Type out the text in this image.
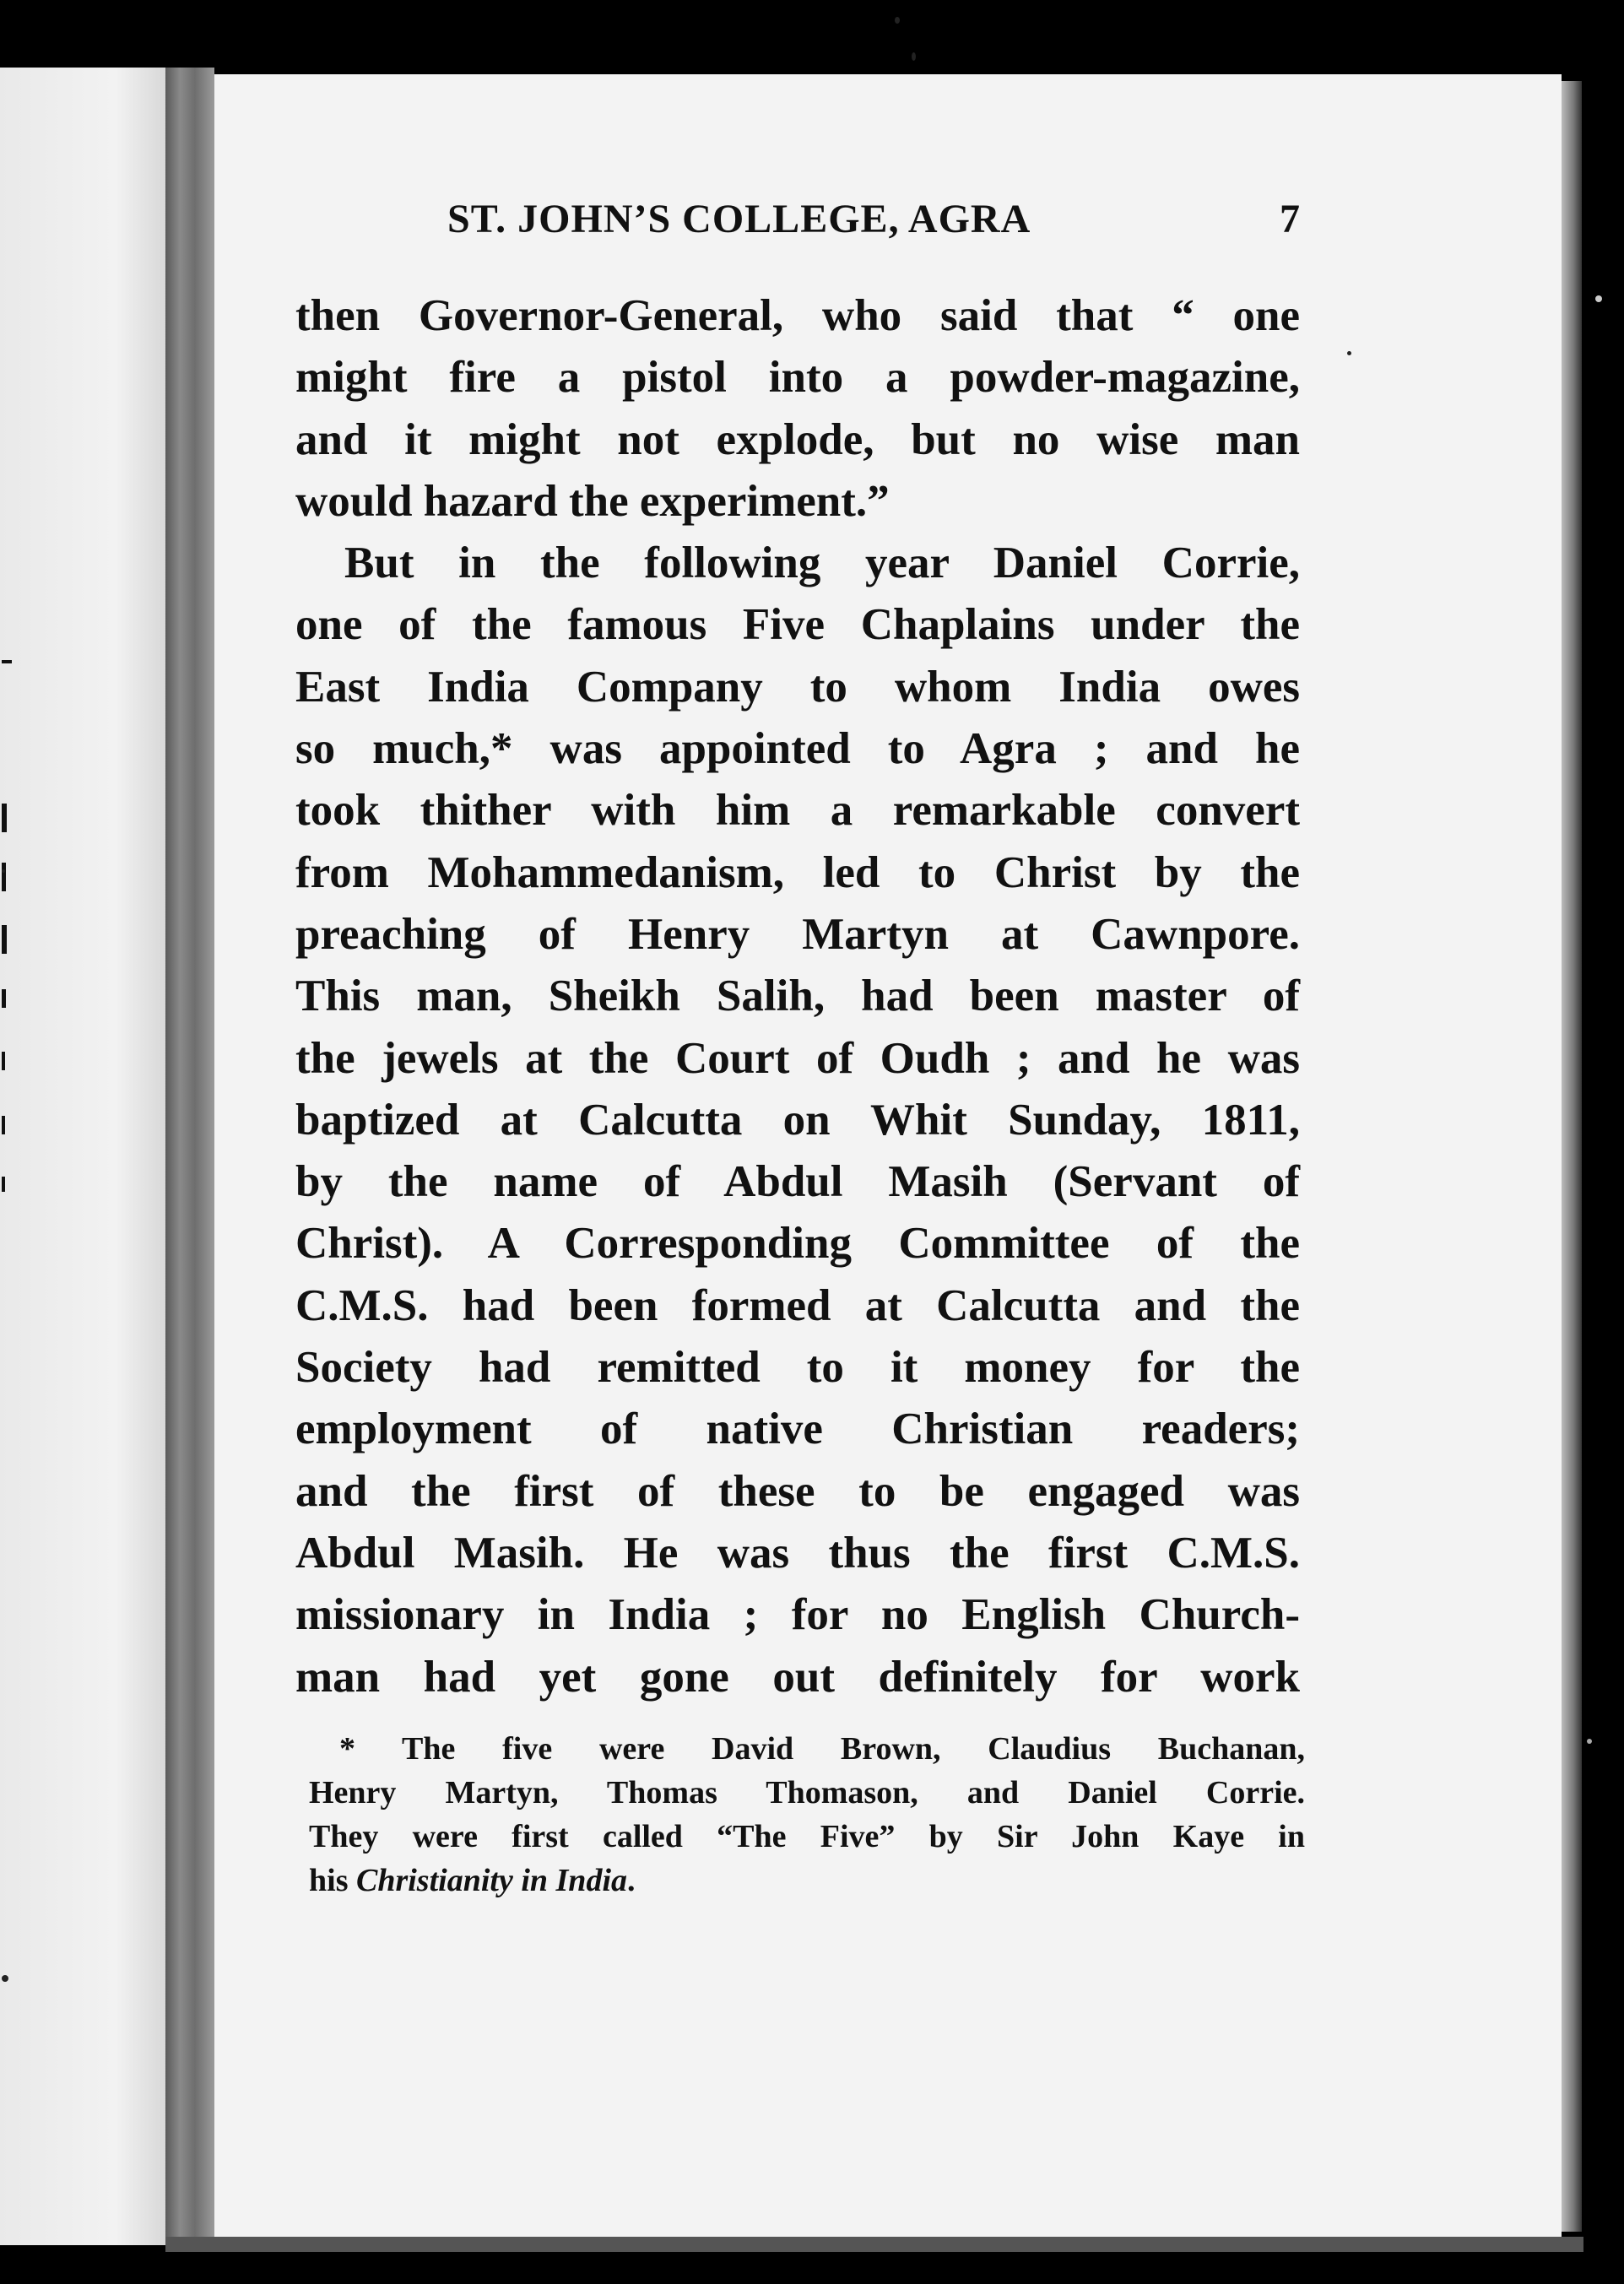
ST. JOHN’S COLLEGE, AGRA	7
then Governor-General, who said that “ one
might fire a pistol into a powder-magazine,
and it might not explode, but no wise man
would hazard the experiment.”
But in the following year Daniel Corrie,
one of the famous Five Chaplains under the
East India Company to whom India owes
so much,* was appointed to Agra ; and he
took thither with him a remarkable convert
from Mohammedanism, led to Christ by the
preaching of Henry Martyn at Cawnpore.
This man, Sheikh Salih, had been master of
the jewels at the Court of Oudh ; and he was
baptized at Calcutta on Whit Sunday, 1811,
by the name of Abdul Masih (Servant of
Christ). A Corresponding Committee of the
C.M.S. had been formed at Calcutta and the
Society had remitted to it money for the
employment of native Christian readers;
and the first of these to be engaged was
Abdul Masih. He was thus the first C.M.S.
missionary in India ; for no English Church-
man had yet gone out definitely for work
* The five were David Brown, Claudius Buchanan,
Henry Martyn, Thomas Thomason, and Daniel Corrie.
They were first called “The Five” by Sir John Kaye in
his Christianity in India.
